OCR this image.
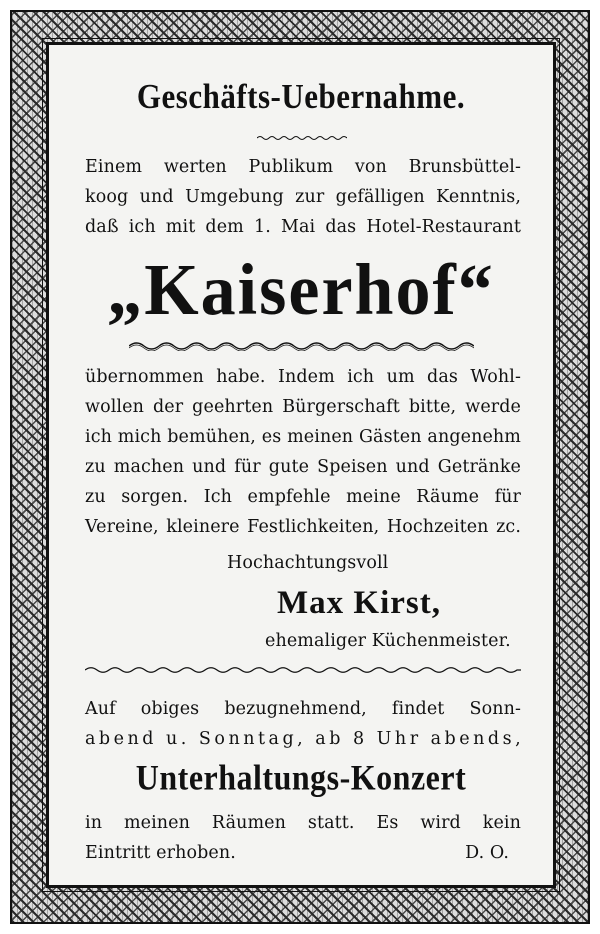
Geschäfts-Uebernahme.

Einem werten Publikum von Brunsbüttel-

koog und Umgebung zur gefälligen Kenntnis,

daß ich mit dem 1. Mai das Hotel-Restaurant

„Kaiserhof“

übernommen habe. Indem ich um das Wohl-

wollen der geehrten Bürgerschaft bitte, werde

ich mich bemühen, es meinen Gästen angenehm

zu machen und für gute Speisen und Getränke

zu sorgen. Ich empfehle meine Räume für

Vereine, kleinere Festlichkeiten, Hochzeiten zc.

Hochachtungsvoll

Max Kirst,

ehemaliger Küchenmeister.

Auf obiges bezugnehmend, findet Sonn-

abend u. Sonntag, ab 8 Uhr abends,

Unterhaltungs-Konzert

in meinen Räumen statt. Es wird kein

Eintritt erhoben.	D. O.
